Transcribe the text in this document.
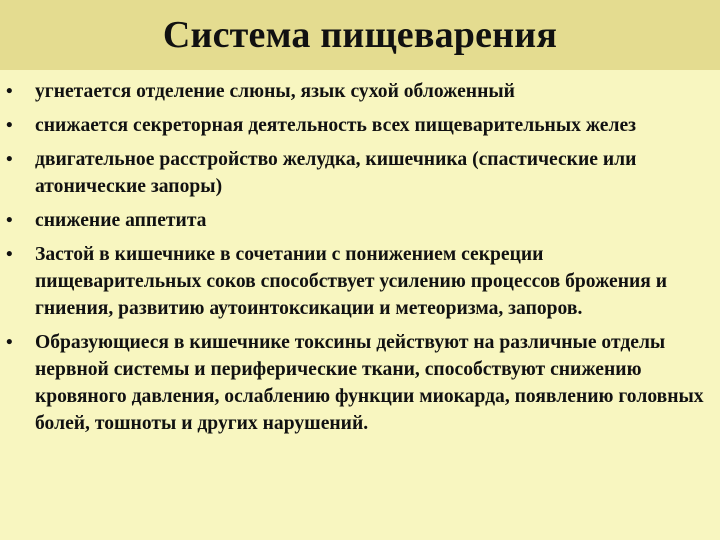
Система пищеварения
• угнетается отделение слюны, язык сухой обложенный
• снижается секреторная деятельность всех пищеварительных желез
• двигательное расстройство желудка, кишечника (спастические или атонические запоры)
• снижение аппетита
• Застой в кишечнике в сочетании с понижением секреции пищеварительных соков способствует усилению процессов брожения и гниения, развитию аутоинтоксикации и метеоризма, запоров.
• Образующиеся в кишечнике токсины действуют на различные отделы нервной системы и периферические ткани, способствуют снижению кровяного давления, ослаблению функции миокарда, появлению головных болей, тошноты и других нарушений.
